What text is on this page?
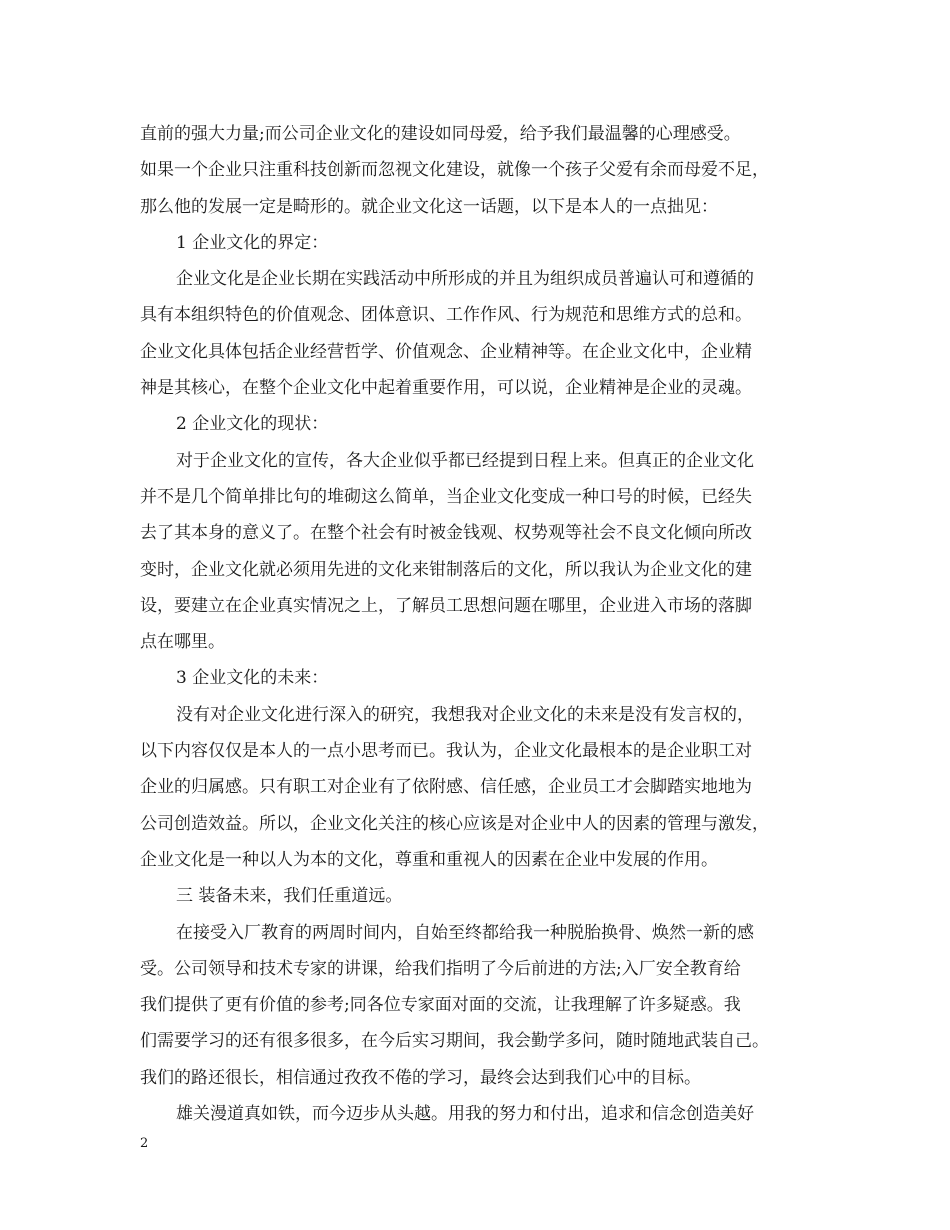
直前的强大力量;而公司企业文化的建设如同母爱，给予我们最温馨的心理感受。
如果一个企业只注重科技创新而忽视文化建设，就像一个孩子父爱有余而母爱不足，
那么他的发展一定是畸形的。就企业文化这一话题，以下是本人的一点拙见：
1 企业文化的界定：
企业文化是企业长期在实践活动中所形成的并且为组织成员普遍认可和遵循的
具有本组织特色的价值观念、团体意识、工作作风、行为规范和思维方式的总和。
企业文化具体包括企业经营哲学、价值观念、企业精神等。在企业文化中，企业精
神是其核心，在整个企业文化中起着重要作用，可以说，企业精神是企业的灵魂。
2 企业文化的现状：
对于企业文化的宣传，各大企业似乎都已经提到日程上来。但真正的企业文化
并不是几个简单排比句的堆砌这么简单，当企业文化变成一种口号的时候，已经失
去了其本身的意义了。在整个社会有时被金钱观、权势观等社会不良文化倾向所改
变时，企业文化就必须用先进的文化来钳制落后的文化，所以我认为企业文化的建
设，要建立在企业真实情况之上，了解员工思想问题在哪里，企业进入市场的落脚
点在哪里。
3 企业文化的未来：
没有对企业文化进行深入的研究，我想我对企业文化的未来是没有发言权的，
以下内容仅仅是本人的一点小思考而已。我认为，企业文化最根本的是企业职工对
企业的归属感。只有职工对企业有了依附感、信任感，企业员工才会脚踏实地地为
公司创造效益。所以，企业文化关注的核心应该是对企业中人的因素的管理与激发，
企业文化是一种以人为本的文化，尊重和重视人的因素在企业中发展的作用。
三 装备未来，我们任重道远。
在接受入厂教育的两周时间内，自始至终都给我一种脱胎换骨、焕然一新的感
受。公司领导和技术专家的讲课，给我们指明了今后前进的方法;入厂安全教育给
我们提供了更有价值的参考;同各位专家面对面的交流，让我理解了许多疑惑。我
们需要学习的还有很多很多，在今后实习期间，我会勤学多问，随时随地武装自己。
我们的路还很长，相信通过孜孜不倦的学习，最终会达到我们心中的目标。
雄关漫道真如铁，而今迈步从头越。用我的努力和付出，追求和信念创造美好
2
